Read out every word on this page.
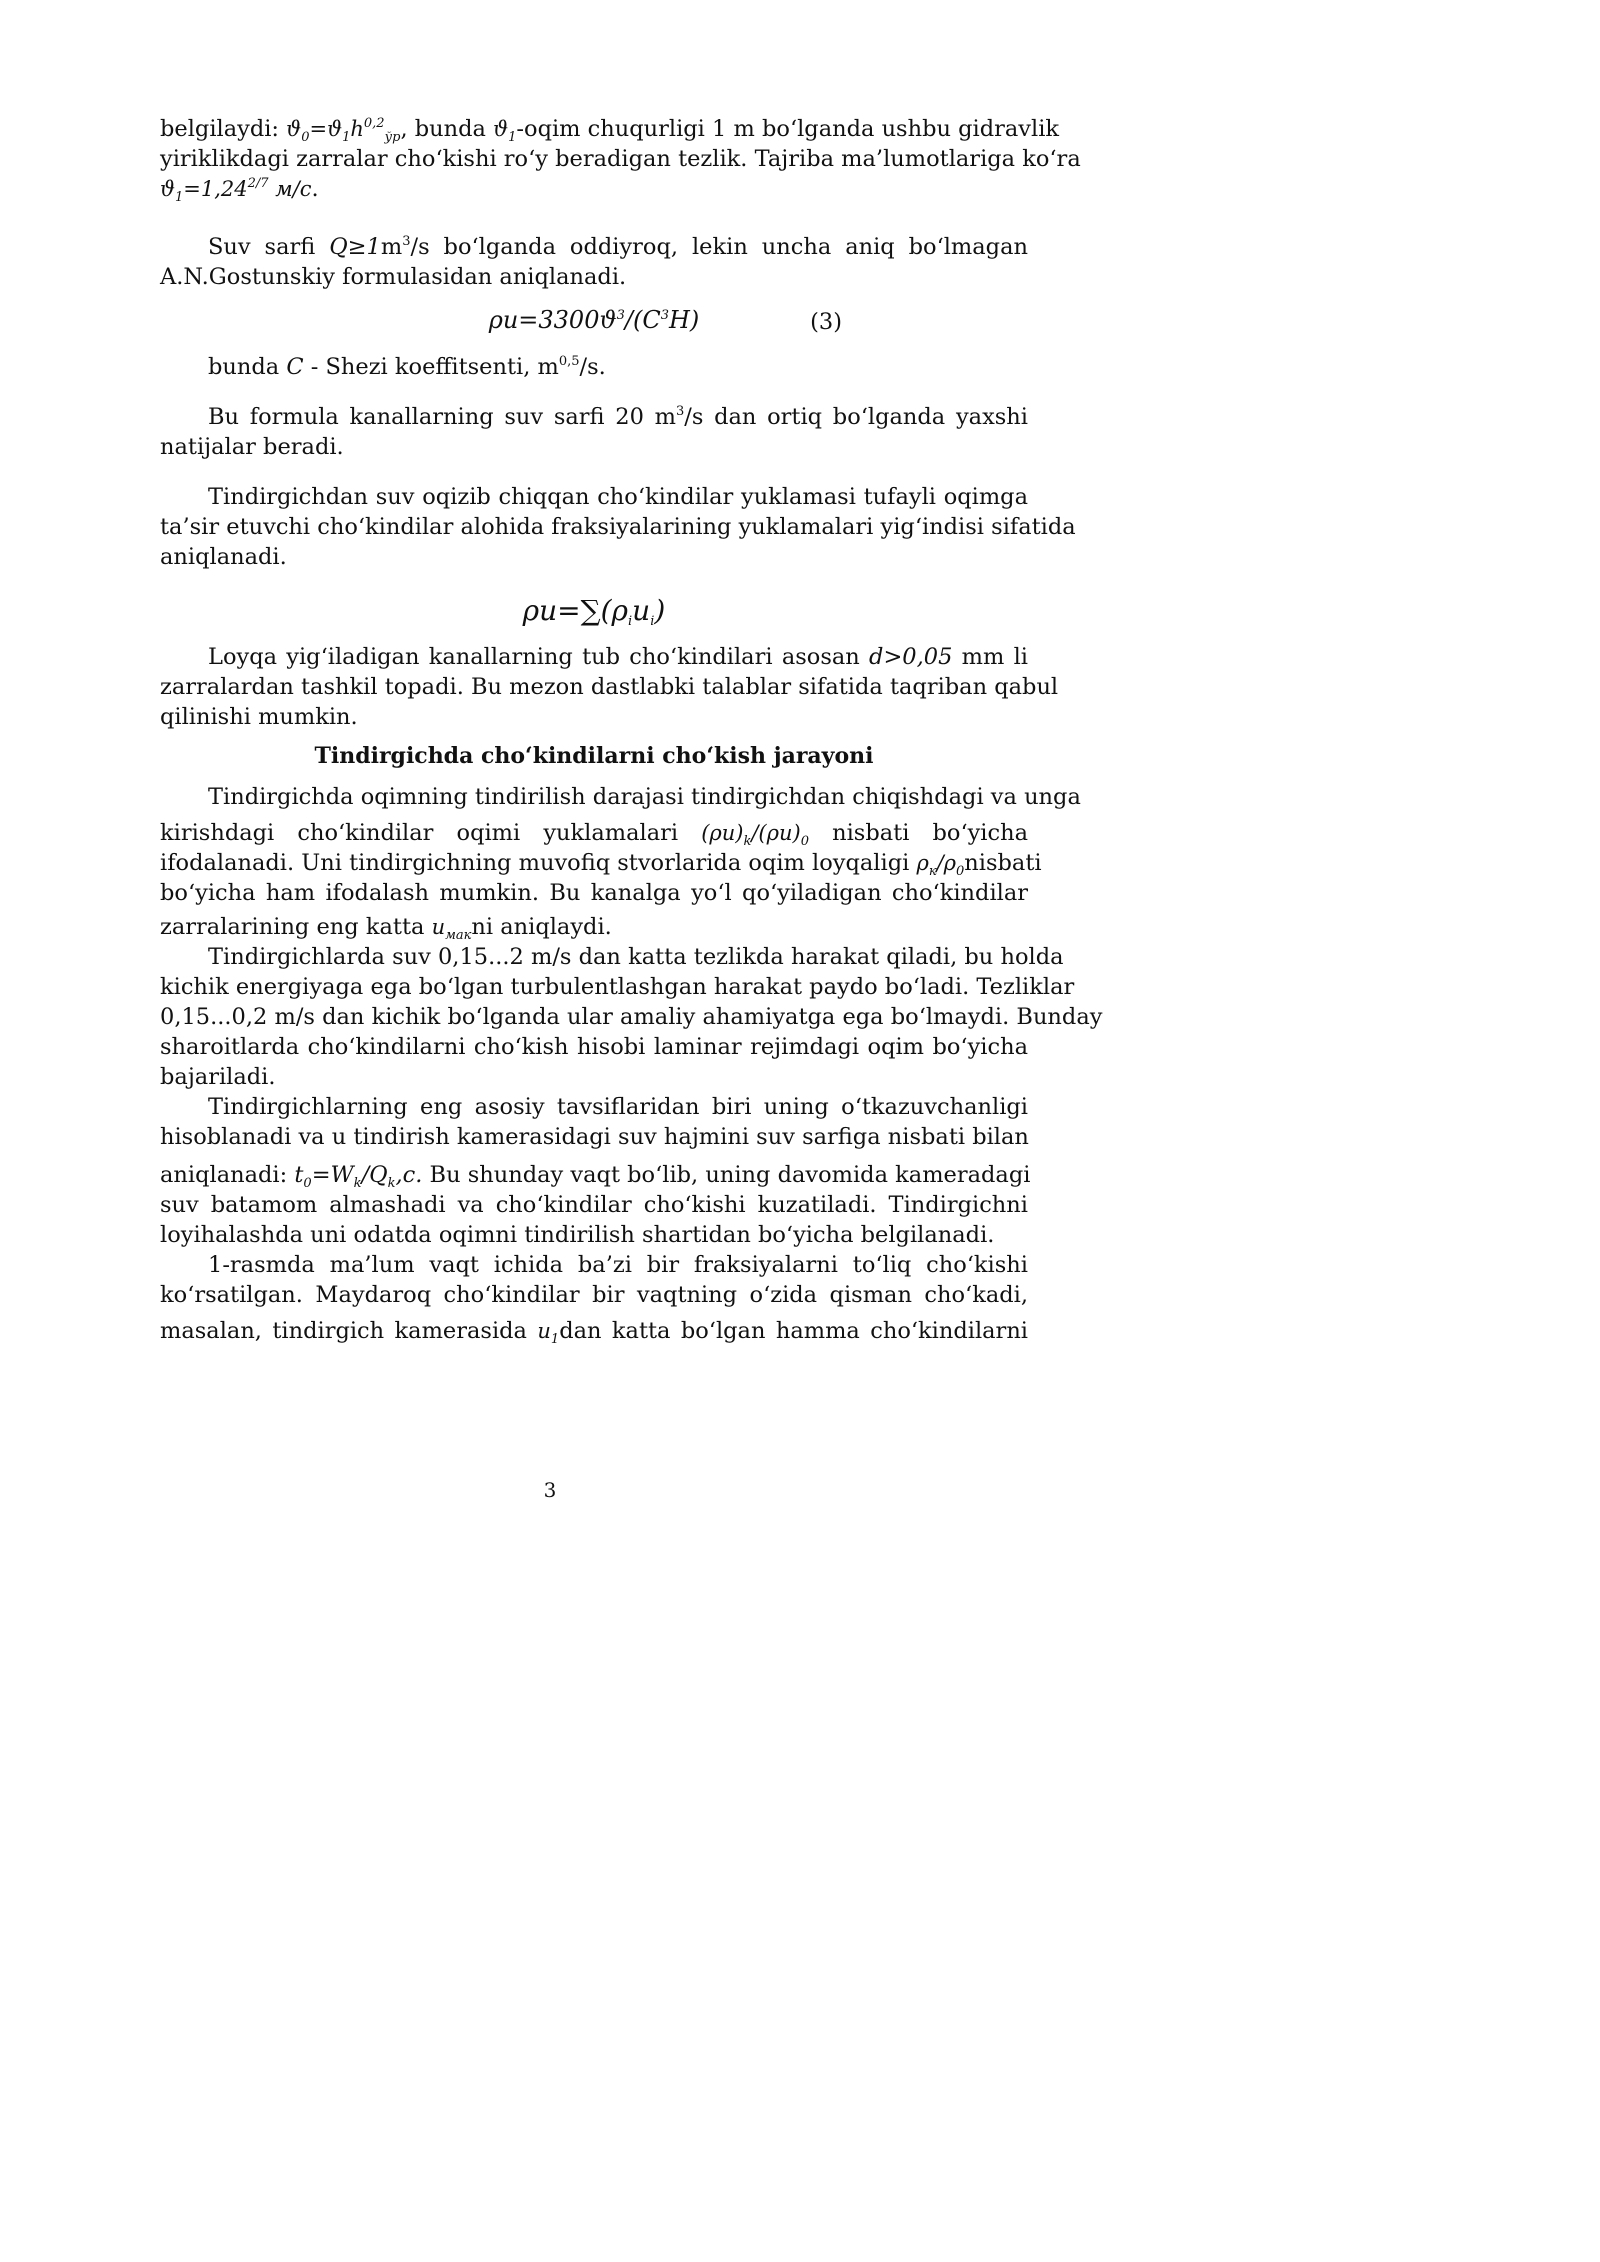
belgilaydi: $ϑ_0=ϑ_1h^{0,2}_{ўр}$, bunda $ϑ_1$-oqim chuqurligi 1 m bo‘lganda ushbu gidravlik
yiriklikdagi zarralar cho‘kishi ro‘y beradigan tezlik. Tajriba ma’lumotlariga ko‘ra
$ϑ_1=1,24^{2/7}$ м/с.
Suv sarfi $Q\ge 1m^3/s$ bo‘lganda oddiyroq, lekin uncha aniq bo‘lmagan
A.N.Gostunskiy formulasidan aniqlanadi.
$\rho u=3300ϑ^3/(C^3H)$	(3)
bunda C - Shezi koeffitsenti, $m^{0,5}/s$.
Bu formula kanallarning suv sarfi 20 $m^3/s$ dan ortiq bo‘lganda yaxshi
natijalar beradi.
Tindirgichdan suv oqizib chiqqan cho‘kindilar yuklamasi tufayli oqimga
ta’sir etuvchi cho‘kindilar alohida fraksiyalarining yuklamalari yig‘indisi sifatida
aniqlanadi.
$\rho u=\sum(\rho_iu_i)$
Loyqa yig‘iladigan kanallarning tub cho‘kindilari asosan d>0,05 mm li
zarralardan tashkil topadi. Bu mezon dastlabki talablar sifatida taqriban qabul
qilinishi mumkin.
Tindirgichda cho‘kindilarni cho‘kish jarayoni
Tindirgichda oqimning tindirilish darajasi tindirgichdan chiqishdagi va unga
kirishdagi cho‘kindilar oqimi yuklamalari $(\rho u)_k/(\rho u)_0$ nisbati bo‘yicha
ifodalanadi. Uni tindirgichning muvofiq stvorlarida oqim loyqaligi $\rho_к/\rho_0nisbati$
bo‘yicha ham ifodalash mumkin. Bu kanalga yo‘l qo‘yiladigan cho‘kindilar
zarralarining eng katta $u_{мак}ni$ aniqlaydi.
Tindirgichlarda suv 0,15...2 m/s dan katta tezlikda harakat qiladi, bu holda
kichik energiyaga ega bo‘lgan turbulentlashgan harakat paydo bo‘ladi. Tezliklar
0,15...0,2 m/s dan kichik bo‘lganda ular amaliy ahamiyatga ega bo‘lmaydi. Bunday
sharoitlarda cho‘kindilarni cho‘kish hisobi laminar rejimdagi oqim bo‘yicha
bajariladi.
Tindirgichlarning eng asosiy tavsiflaridan biri uning o‘tkazuvchanligi
hisoblanadi va u tindirish kamerasidagi suv hajmini suv sarfiga nisbati bilan
aniqlanadi: $t_0=W_k/Q_k,c$. Bu shunday vaqt bo‘lib, uning davomida kameradagi
suv batamom almashadi va cho‘kindilar cho‘kishi kuzatiladi. Tindirgichni
loyihalashda uni odatda oqimni tindirilish shartidan bo‘yicha belgilanadi.
1-rasmda ma’lum vaqt ichida ba’zi bir fraksiyalarni to‘liq cho‘kishi
ko‘rsatilgan. Maydaroq cho‘kindilar bir vaqtning o‘zida qisman cho‘kadi,
masalan, tindirgich kamerasida $u_1dan$ katta bo‘lgan hamma cho‘kindilarni
3
